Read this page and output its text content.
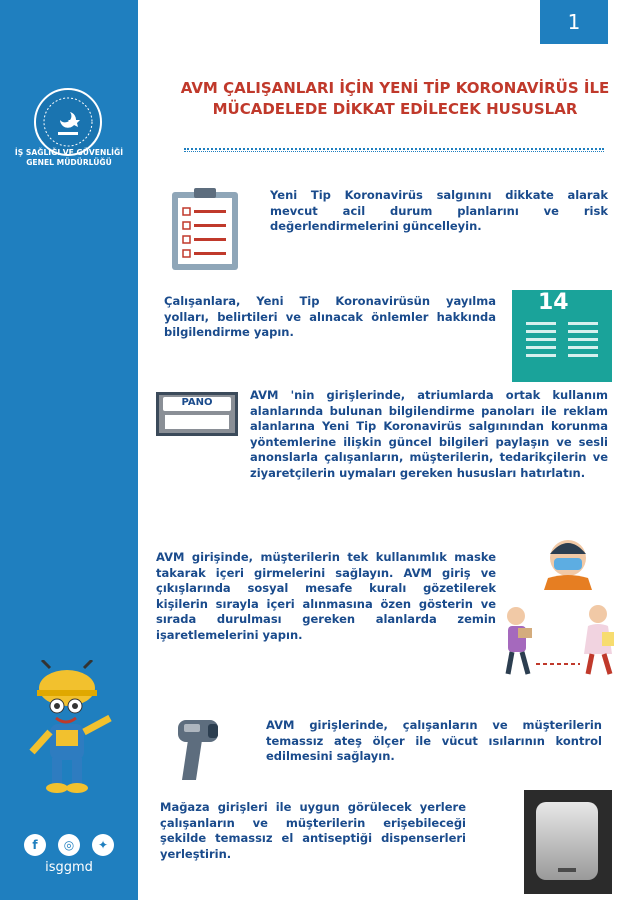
İŞ SAĞLIĞI VE GÜVENLİĞİ GENEL MÜDÜRLÜĞÜ
f	◎	✦
isggmd
1
AVM ÇALIŞANLARI İÇİN YENİ TİP KORONAVİRÜS İLE MÜCADELEDE DİKKAT EDİLECEK HUSUSLAR
Yeni Tip Koronavirüs salgınını dikkate alarak mevcut acil durum planlarını ve risk değerlendirmelerini güncelleyin.
Çalışanlara, Yeni Tip Koronavirüsün yayılma yolları, belirtileri ve alınacak önlemler hakkında bilgilendirme yapın.
14
PANO
AVM 'nin girişlerinde, atriumlarda ortak kullanım alanlarında bulunan bilgilendirme panoları ile reklam alanlarına Yeni Tip Koronavirüs salgınından korunma yöntemlerine ilişkin güncel bilgileri paylaşın ve sesli anonslarla çalışanların, müşterilerin, tedarikçilerin ve ziyaretçilerin uymaları gereken hususları hatırlatın.
AVM girişinde, müşterilerin tek kullanımlık maske takarak içeri girmelerini sağlayın. AVM giriş ve çıkışlarında sosyal mesafe kuralı gözetilerek kişilerin sırayla içeri alınmasına özen gösterin ve sırada durulması gereken alanlarda zemin işaretlemelerini yapın.
AVM girişlerinde, çalışanların ve müşterilerin temassız ateş ölçer ile vücut ısılarının kontrol edilmesini sağlayın.
Mağaza girişleri ile uygun görülecek yerlere çalışanların ve müşterilerin erişebileceği şekilde temassız el antiseptiği dispenserleri yerleştirin.
